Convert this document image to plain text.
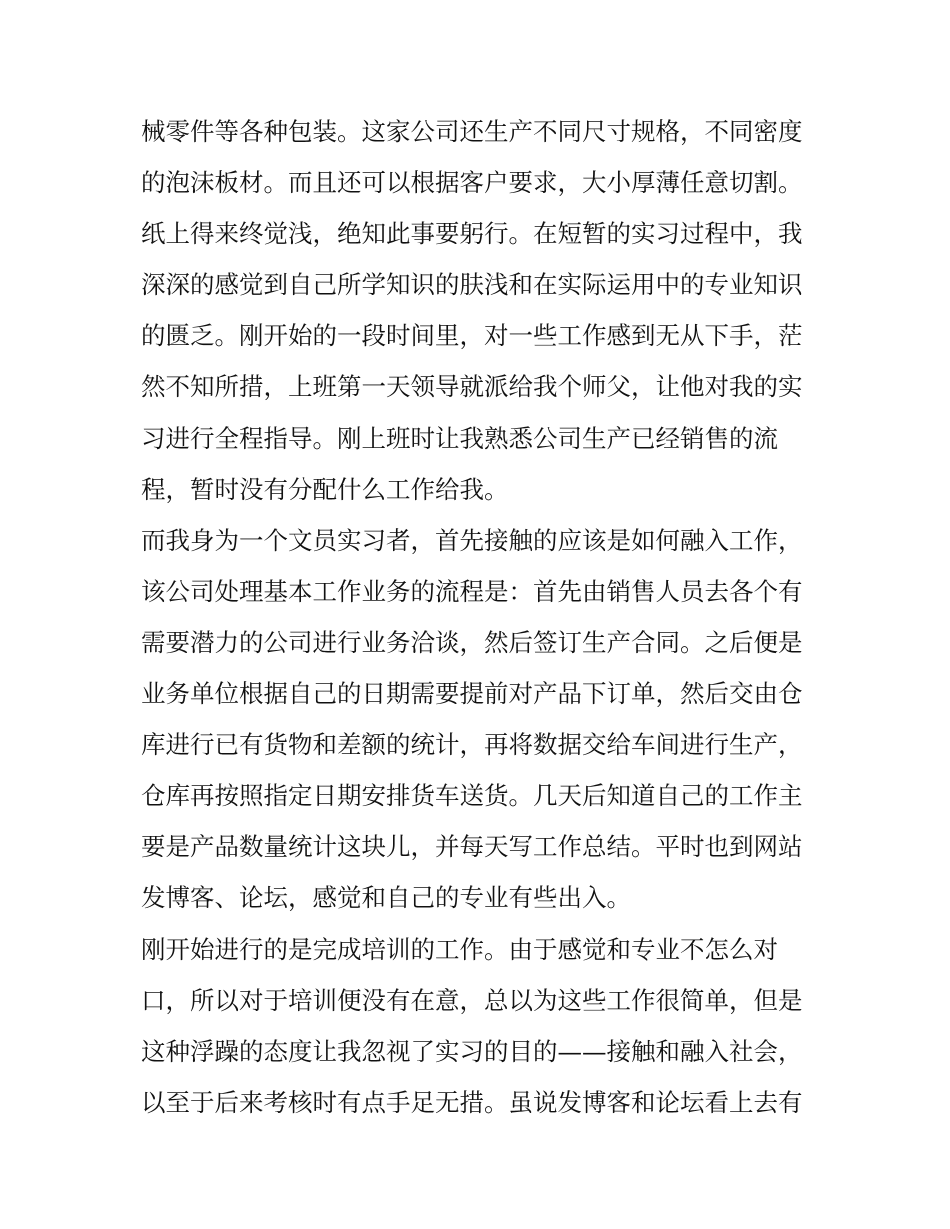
械零件等各种包装。这家公司还生产不同尺寸规格，不同密度
的泡沫板材。而且还可以根据客户要求，大小厚薄任意切割。
纸上得来终觉浅，绝知此事要躬行。在短暂的实习过程中，我
深深的感觉到自己所学知识的肤浅和在实际运用中的专业知识
的匮乏。刚开始的一段时间里，对一些工作感到无从下手，茫
然不知所措，上班第一天领导就派给我个师父，让他对我的实
习进行全程指导。刚上班时让我熟悉公司生产已经销售的流
程，暂时没有分配什么工作给我。
而我身为一个文员实习者，首先接触的应该是如何融入工作，
该公司处理基本工作业务的流程是：首先由销售人员去各个有
需要潜力的公司进行业务洽谈，然后签订生产合同。之后便是
业务单位根据自己的日期需要提前对产品下订单，然后交由仓
库进行已有货物和差额的统计，再将数据交给车间进行生产，
仓库再按照指定日期安排货车送货。几天后知道自己的工作主
要是产品数量统计这块儿，并每天写工作总结。平时也到网站
发博客、论坛，感觉和自己的专业有些出入。
刚开始进行的是完成培训的工作。由于感觉和专业不怎么对
口，所以对于培训便没有在意，总以为这些工作很简单，但是
这种浮躁的态度让我忽视了实习的目的——接触和融入社会，
以至于后来考核时有点手足无措。虽说发博客和论坛看上去有
